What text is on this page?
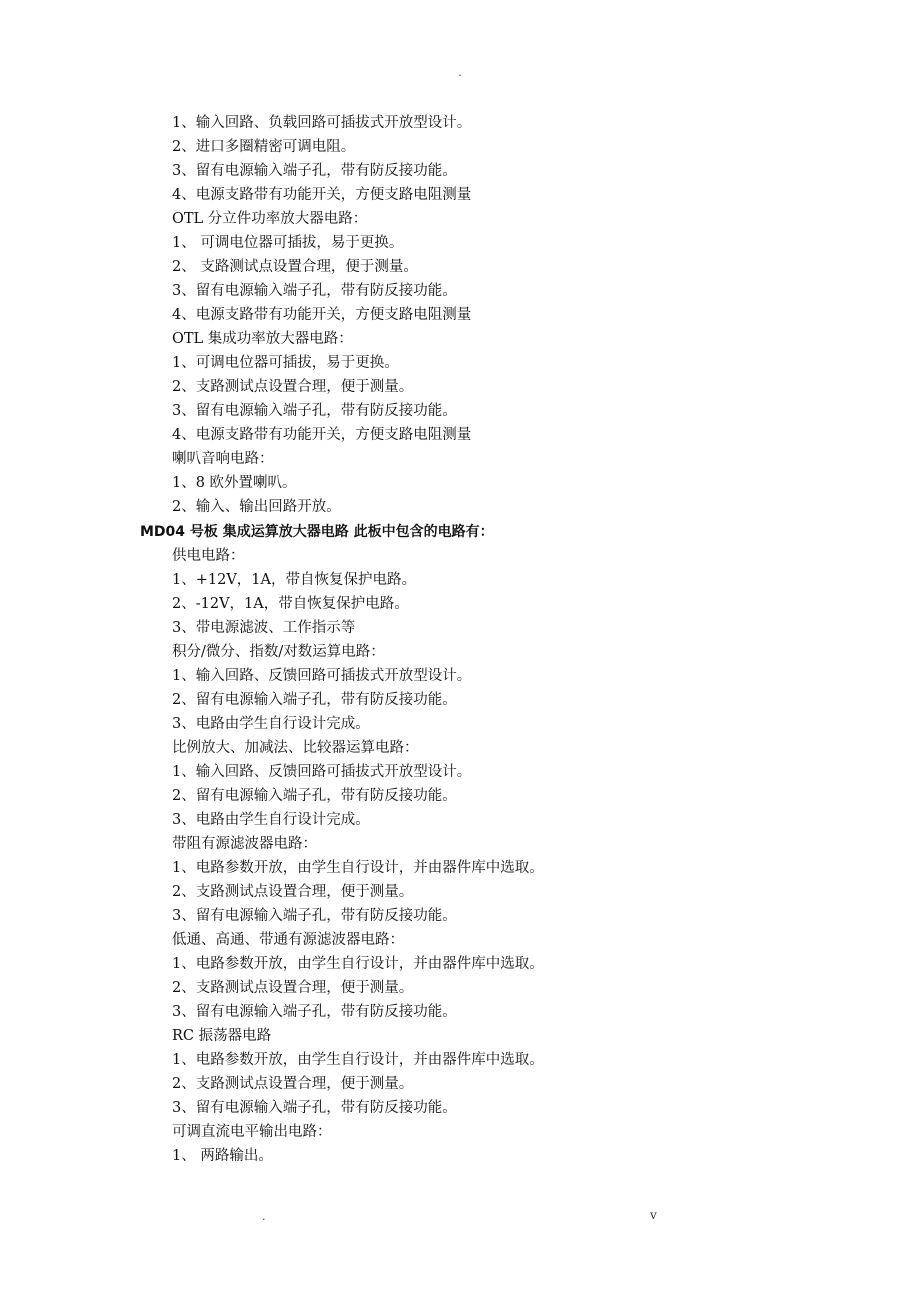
.
1、输入回路、负载回路可插拔式开放型设计。
2、进口多圈精密可调电阻。
3、留有电源输入端子孔，带有防反接功能。
4、电源支路带有功能开关，方便支路电阻测量
OTL 分立件功率放大器电路：
1、 可调电位器可插拔，易于更换。
2、 支路测试点设置合理，便于测量。
3、留有电源输入端子孔，带有防反接功能。
4、电源支路带有功能开关，方便支路电阻测量
OTL 集成功率放大器电路：
1、可调电位器可插拔，易于更换。
2、支路测试点设置合理，便于测量。
3、留有电源输入端子孔，带有防反接功能。
4、电源支路带有功能开关，方便支路电阻测量
喇叭音响电路：
1、8 欧外置喇叭。
2、输入、输出回路开放。
MD04 号板 集成运算放大器电路 此板中包含的电路有：
供电电路：
1、+12V，1A，带自恢复保护电路。
2、-12V，1A，带自恢复保护电路。
3、带电源滤波、工作指示等
积分/微分、指数/对数运算电路：
1、输入回路、反馈回路可插拔式开放型设计。
2、留有电源输入端子孔，带有防反接功能。
3、电路由学生自行设计完成。
比例放大、加减法、比较器运算电路：
1、输入回路、反馈回路可插拔式开放型设计。
2、留有电源输入端子孔，带有防反接功能。
3、电路由学生自行设计完成。
带阻有源滤波器电路：
1、电路参数开放，由学生自行设计，并由器件库中选取。
2、支路测试点设置合理，便于测量。
3、留有电源输入端子孔，带有防反接功能。
低通、高通、带通有源滤波器电路：
1、电路参数开放，由学生自行设计，并由器件库中选取。
2、支路测试点设置合理，便于测量。
3、留有电源输入端子孔，带有防反接功能。
RC 振荡器电路
1、电路参数开放，由学生自行设计，并由器件库中选取。
2、支路测试点设置合理，便于测量。
3、留有电源输入端子孔，带有防反接功能。
可调直流电平输出电路：
1、 两路输出。
.	v
